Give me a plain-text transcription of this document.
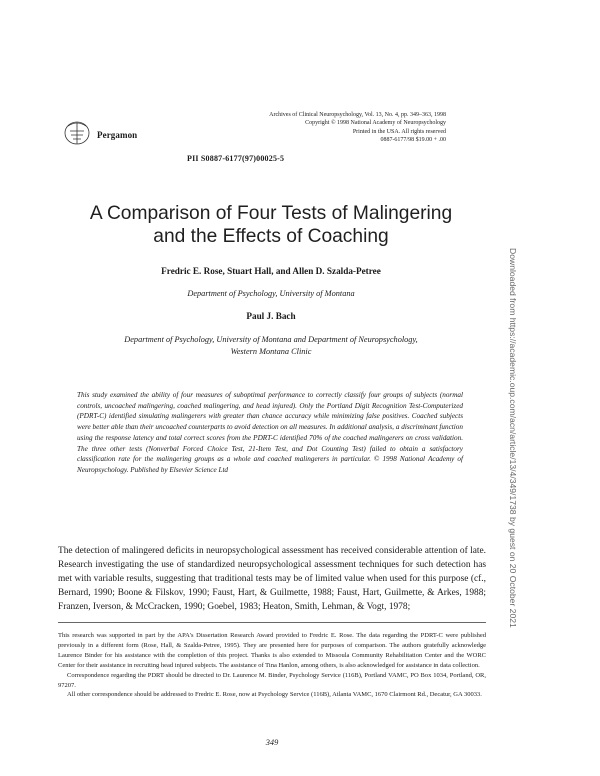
Pergamon
Archives of Clinical Neuropsychology, Vol. 13, No. 4, pp. 349–363, 1998
Copyright © 1998 National Academy of Neuropsychology
Printed in the USA. All rights reserved
0887-6177/98 $19.00 + .00
PII S0887-6177(97)00025-5
A Comparison of Four Tests of Malingering
and the Effects of Coaching
Fredric E. Rose, Stuart Hall, and Allen D. Szalda-Petree
Department of Psychology, University of Montana
Paul J. Bach
Department of Psychology, University of Montana and Department of Neuropsychology,
Western Montana Clinic
This study examined the ability of four measures of suboptimal performance to correctly classify four groups of subjects (normal controls, uncoached malingering, coached malingering, and head injured). Only the Portland Digit Recognition Test-Computerized (PDRT-C) identified simulating malingerers with greater than chance accuracy while minimizing false positives. Coached subjects were better able than their uncoached counterparts to avoid detection on all measures. In additional analysis, a discriminant function using the response latency and total correct scores from the PDRT-C identified 70% of the coached malingerers on cross validation. The three other tests (Nonverbal Forced Choice Test, 21-Item Test, and Dot Counting Test) failed to obtain a satisfactory classification rate for the malingering groups as a whole and coached malingerers in particular. © 1998 National Academy of Neuropsychology. Published by Elsevier Science Ltd
The detection of malingered deficits in neuropsychological assessment has received considerable attention of late. Research investigating the use of standardized neuropsychological assessment techniques for such detection has met with variable results, suggesting that traditional tests may be of limited value when used for this purpose (cf., Bernard, 1990; Boone & Filskov, 1990; Faust, Hart, & Guilmette, 1988; Faust, Hart, Guilmette, & Arkes, 1988; Franzen, Iverson, & McCracken, 1990; Goebel, 1983; Heaton, Smith, Lehman, & Vogt, 1978;

This research was supported in part by the APA's Dissertation Research Award provided to Fredric E. Rose. The data regarding the PDRT-C were published previously in a different form (Rose, Hall, & Szalda-Petree, 1995). They are presented here for purposes of comparison. The authors gratefully acknowledge Laurence Binder for his assistance with the completion of this project. Thanks is also extended to Missoula Community Rehabilitation Center and the WORC Center for their assistance in recruiting head injured subjects. The assistance of Tina Hanlon, among others, is also acknowledged for assistance in data collection.

Correspondence regarding the PDRT should be directed to Dr. Laurence M. Binder, Psychology Service (116B), Portland VAMC, PO Box 1034, Portland, OR, 97207.

All other correspondence should be addressed to Fredric E. Rose, now at Psychology Service (116B), Atlanta VAMC, 1670 Clairmont Rd., Decatur, GA 30033.

349
Downloaded from https://academic.oup.com/acn/article/13/4/349/1738 by guest on 20 October 2021
